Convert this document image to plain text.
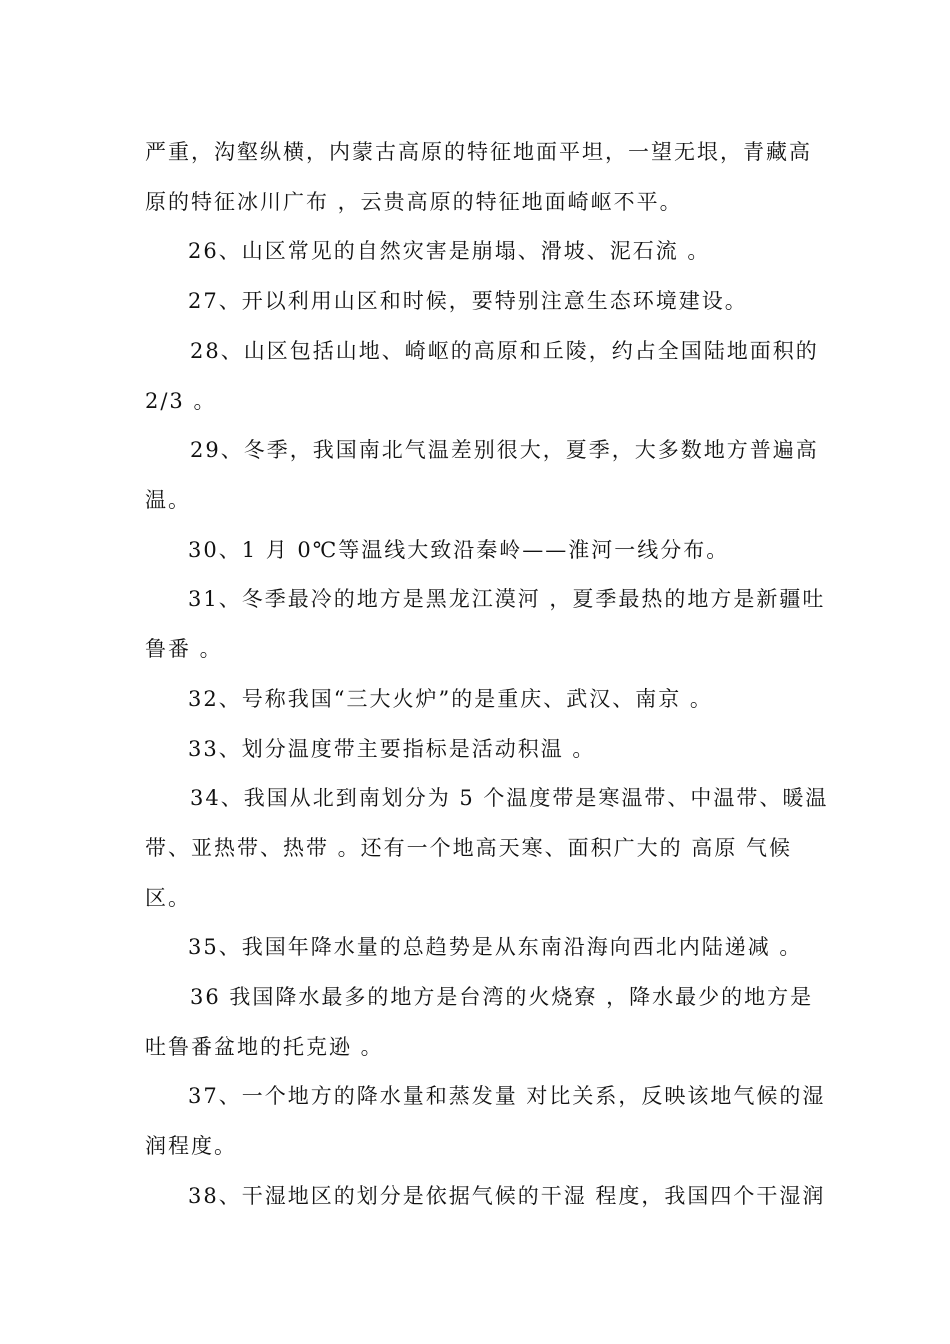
严重，沟壑纵横，内蒙古高原的特征地面平坦，一望无垠，青藏高
原的特征冰川广布 ，云贵高原的特征地面崎岖不平。
26、山区常见的自然灾害是崩塌、滑坡、泥石流 。
27、开以利用山区和时候，要特别注意生态环境建设。
28、山区包括山地、崎岖的高原和丘陵，约占全国陆地面积的
2/3 。
29、冬季，我国南北气温差别很大，夏季，大多数地方普遍高
温。
30、1 月 0℃等温线大致沿秦岭——淮河一线分布。
31、冬季最冷的地方是黑龙江漠河 ，夏季最热的地方是新疆吐
鲁番 。
32、号称我国“三大火炉”的是重庆、武汉、南京 。
33、划分温度带主要指标是活动积温 。
34、我国从北到南划分为 5 个温度带是寒温带、中温带、暖温
带、亚热带、热带 。还有一个地高天寒、面积广大的 高原 气候
区。
35、我国年降水量的总趋势是从东南沿海向西北内陆递减 。
36 我国降水最多的地方是台湾的火烧寮 ，降水最少的地方是
吐鲁番盆地的托克逊 。
37、一个地方的降水量和蒸发量 对比关系，反映该地气候的湿
润程度。
38、干湿地区的划分是依据气候的干湿 程度，我国四个干湿润
